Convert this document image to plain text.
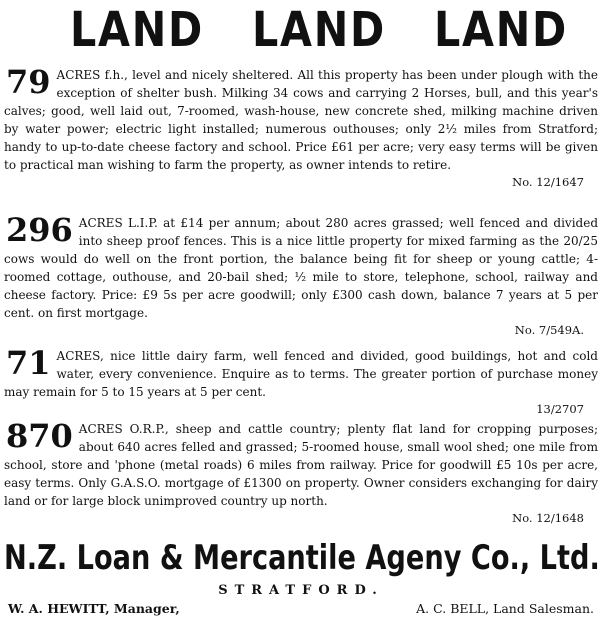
LAND LAND LAND
79 ACRES f.h., level and nicely sheltered. All this property has been under plough with the exception of shelter bush. Milking 34 cows and carrying 2 Horses, bull, and this year's calves; good, well laid out, 7-roomed, wash-house, new concrete shed, milking machine driven by water power; electric light installed; numerous outhouses; only 2½ miles from Stratford; handy to up-to-date cheese factory and school. Price £61 per acre; very easy terms will be given to practical man wishing to farm the property, as owner intends to retire.
No. 12/1647
296 ACRES L.I.P. at £14 per annum; about 280 acres grassed; well fenced and divided into sheep proof fences. This is a nice little property for mixed farming as the 20/25 cows would do well on the front portion, the balance being fit for sheep or young cattle; 4-roomed cottage, outhouse, and 20-bail shed; ½ mile to store, telephone, school, railway and cheese factory. Price: £9 5s per acre goodwill; only £300 cash down, balance 7 years at 5 per cent. on first mortgage.
No. 7/549A.
71 ACRES, nice little dairy farm, well fenced and divided, good buildings, hot and cold water, every convenience. Enquire as to terms. The greater portion of purchase money may remain for 5 to 15 years at 5 per cent.
13/2707
870 ACRES O.R.P., sheep and cattle country; plenty flat land for cropping purposes; about 640 acres felled and grassed; 5-roomed house, small wool shed; one mile from school, store and 'phone (metal roads) 6 miles from railway. Price for goodwill £5 10s per acre, easy terms. Only G.A.S.O. mortgage of £1300 on property. Owner considers exchanging for dairy land or for large block unimproved country up north.
No. 12/1648
N.Z. Loan & Mercantile Ageny Co., Ltd.
STRATFORD.
W. A. HEWITT, Manager,	A. C. BELL, Land Salesman.
